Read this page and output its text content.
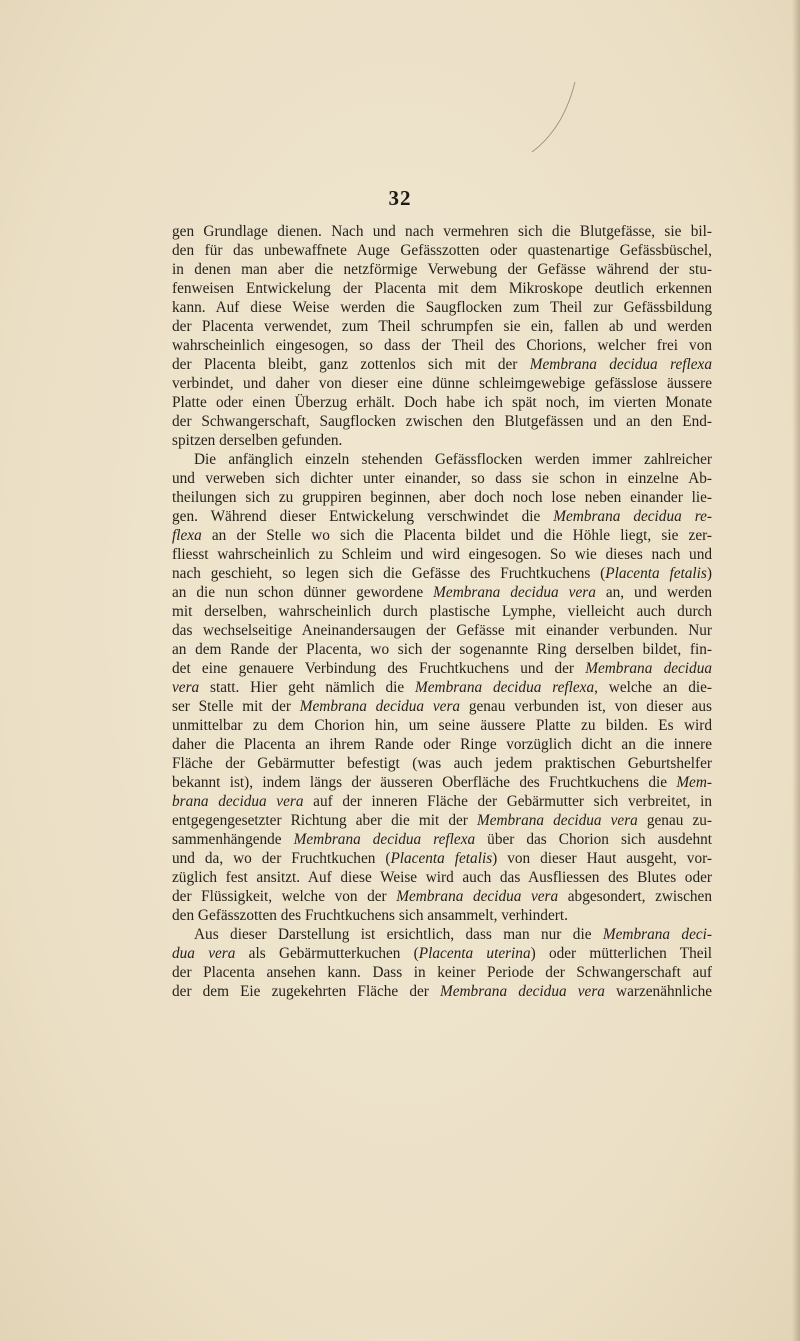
32
gen Grundlage dienen. Nach und nach vermehren sich die Blutgefässe, sie bil-
den für das unbewaffnete Auge Gefässzotten oder quastenartige Gefässbüschel,
in denen man aber die netzförmige Verwebung der Gefässe während der stu-
fenweisen Entwickelung der Placenta mit dem Mikroskope deutlich erkennen
kann. Auf diese Weise werden die Saugflocken zum Theil zur Gefässbildung
der Placenta verwendet, zum Theil schrumpfen sie ein, fallen ab und werden
wahrscheinlich eingesogen, so dass der Theil des Chorions, welcher frei von
der Placenta bleibt, ganz zottenlos sich mit der Membrana decidua reflexa
verbindet, und daher von dieser eine dünne schleimgewebige gefässlose äussere
Platte oder einen Überzug erhält. Doch habe ich spät noch, im vierten Monate
der Schwangerschaft, Saugflocken zwischen den Blutgefässen und an den End-
spitzen derselben gefunden.
Die anfänglich einzeln stehenden Gefässflocken werden immer zahlreicher
und verweben sich dichter unter einander, so dass sie schon in einzelne Ab-
theilungen sich zu gruppiren beginnen, aber doch noch lose neben einander lie-
gen. Während dieser Entwickelung verschwindet die Membrana decidua re-
flexa an der Stelle wo sich die Placenta bildet und die Höhle liegt, sie zer-
fliesst wahrscheinlich zu Schleim und wird eingesogen. So wie dieses nach und
nach geschieht, so legen sich die Gefässe des Fruchtkuchens (Placenta fetalis)
an die nun schon dünner gewordene Membrana decidua vera an, und werden
mit derselben, wahrscheinlich durch plastische Lymphe, vielleicht auch durch
das wechselseitige Aneinandersaugen der Gefässe mit einander verbunden. Nur
an dem Rande der Placenta, wo sich der sogenannte Ring derselben bildet, fin-
det eine genauere Verbindung des Fruchtkuchens und der Membrana decidua
vera statt. Hier geht nämlich die Membrana decidua reflexa, welche an die-
ser Stelle mit der Membrana decidua vera genau verbunden ist, von dieser aus
unmittelbar zu dem Chorion hin, um seine äussere Platte zu bilden. Es wird
daher die Placenta an ihrem Rande oder Ringe vorzüglich dicht an die innere
Fläche der Gebärmutter befestigt (was auch jedem praktischen Geburtshelfer
bekannt ist), indem längs der äusseren Oberfläche des Fruchtkuchens die Mem-
brana decidua vera auf der inneren Fläche der Gebärmutter sich verbreitet, in
entgegengesetzter Richtung aber die mit der Membrana decidua vera genau zu-
sammenhängende Membrana decidua reflexa über das Chorion sich ausdehnt
und da, wo der Fruchtkuchen (Placenta fetalis) von dieser Haut ausgeht, vor-
züglich fest ansitzt. Auf diese Weise wird auch das Ausfliessen des Blutes oder
der Flüssigkeit, welche von der Membrana decidua vera abgesondert, zwischen
den Gefässzotten des Fruchtkuchens sich ansammelt, verhindert.
Aus dieser Darstellung ist ersichtlich, dass man nur die Membrana deci-
dua vera als Gebärmutterkuchen (Placenta uterina) oder mütterlichen Theil
der Placenta ansehen kann. Dass in keiner Periode der Schwangerschaft auf
der dem Eie zugekehrten Fläche der Membrana decidua vera warzenähnliche
